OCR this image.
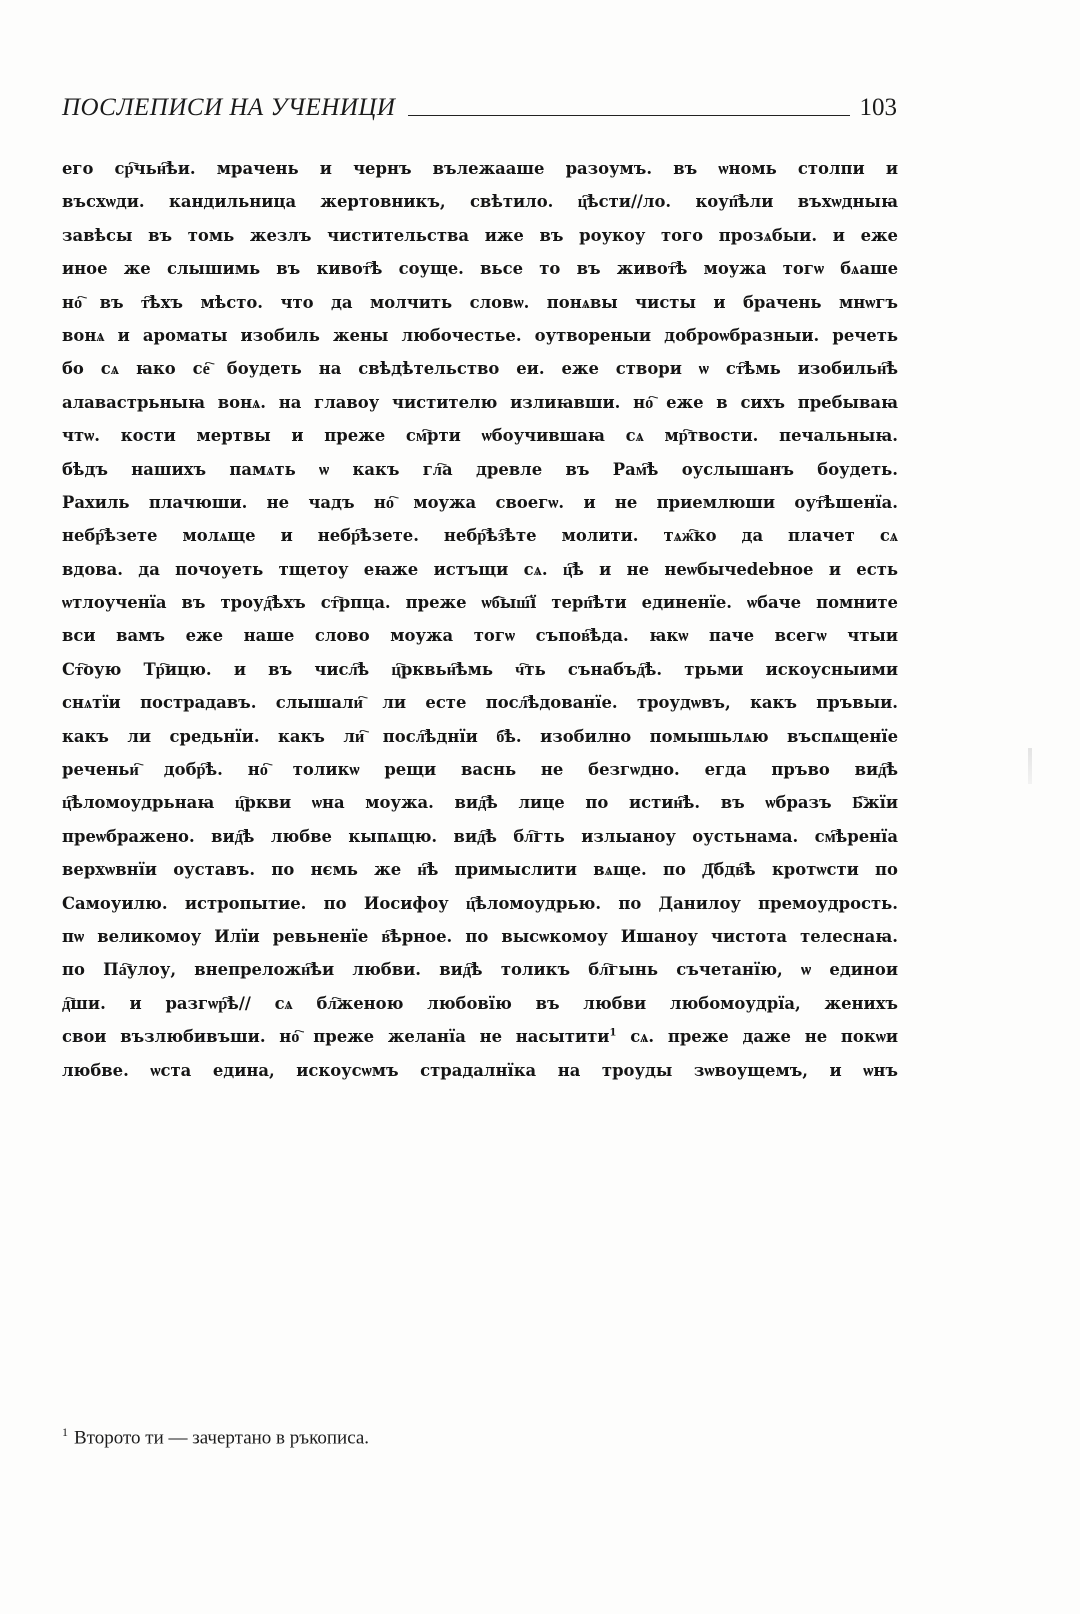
ПОСЛЕПИСИ НА УЧЕНИЦИ	103
его ср҇чьн҇ѣи. мрачень и чернъ вълежааше разоумъ. въ ѡномь столпи и
въсхѡди. кандильница жертовникъ, свѣтило. ц҇ѣсти//ло. коуп҇ѣли въхѡдныꙗ
завѣсы въ томь жезлъ чистительства иже въ роукоу того прозѧбыи. и еже
иное же слышимь въ кивот҇ѣ соуще. вьсе то въ живот҇ѣ моужа тогѡ бѧаше
но҇ въ т҇ѣхъ мѣсто. что да молчить словѡ. понѧвы чисты и брачень мнѡгъ
вонѧ и ароматы изобиль жены любочестье. оутвореныи доброѡбразныи. речеть
бо сѧ ꙗко се҇ боудеть на свѣдѣтельство еи. еже створи ѡ ст҇ѣмь изобильн҇ѣ
алавастрьныꙗ вонѧ. на главоу чистителю излиꙗвши. но҇ еже в сихъ пребываꙗ
чтѡ. кости мертвы и преже см҇рти ѡбоучившаꙗ сѧ мр҇твости. печальныꙗ.
бѣдъ нашихъ памѧть ѡ какъ гл҇а древле въ Рам҇ѣ оуслышанъ боудеть.
Рахиль плачюши. не чадъ но҇ моужа своегѡ. и не приемлюши оут҇ѣшенїа.
небр҇ѣзете молѧще и небр҇ѣзете. небр҇ѣз҇ѣте молити. тѧж҇ко да плачет сѧ
вдова. да почоуеть тщетоу еꙗже истъщи сѧ. ц҇ѣ и не неѡбычеdebное и есть
ѡтлоученїа въ троуд҇ѣхъ ст҇рпца. преже ѡб҇ыш҇ї терп҇ѣти единенїе. ѡбаче помните
вси вамъ еже наше слово моужа тогѡ съпов҇ѣда. ꙗкѡ паче всегѡ чтыи
Ст҇оую Тр҇ицю. и въ числ҇ѣ ц҇рквьн҇ѣмь ч҇ть сънабъд҇ѣ. трьми искоусныими
снѧтїи пострадавъ. слышали҇ ли есте посл҇ѣдованїе. троудѡвъ, какъ пръвыи.
какъ ли средьнїи. какъ ли҇ посл҇ѣднїи б҇ѣ. изобилно помышьлѧю въспѧщенїе
реченьи҇ добр҇ѣ. но҇ толикѡ рещи васнь не безгѡдно. егда пръво вид҇ѣ
ц҇ѣломоудрьнаꙗ ц҇ркви ѡна моужа. вид҇ѣ лице по истин҇ѣ. въ ѡбразъ Б҇жїи
преѡбражено. вид҇ѣ любве кыпѧщю. вид҇ѣ бл҇гть излыаноу оустьнама. см҇ѣренїа
верхѡвнїи оуставъ. по нємь же н҇ѣ примыслити вѧще. по Д҇бдв҇ѣ кротѡсти по
Самоуилю. истропытие. по Иосифоу ц҇ѣломоудрью. по Данилоу премоудрость.
пѡ великомоу Илїи ревьненїе в҇ѣрное. по высѡкомоу Ишаноу чистота телеснаꙗ.
по Па҇улоу, внепреложн҇ѣи любви. вид҇ѣ толикъ бл҇гынь съчетанїю, ѡ единои
д҇ши. и разгѡр҇ѣ// сѧ бл҇женою любовїю въ любви любомоудрїа, женихъ
свои възлюбивъши. но҇ преже желанїа не насытити$^1$ сѧ. преже даже не покѡи
любве. ѡста едина, искоусѡмъ страдалнїка на троуды зѡвоущемъ, и ѡнъ
$^1$ Второто ти — зачертано в ръкописа.
